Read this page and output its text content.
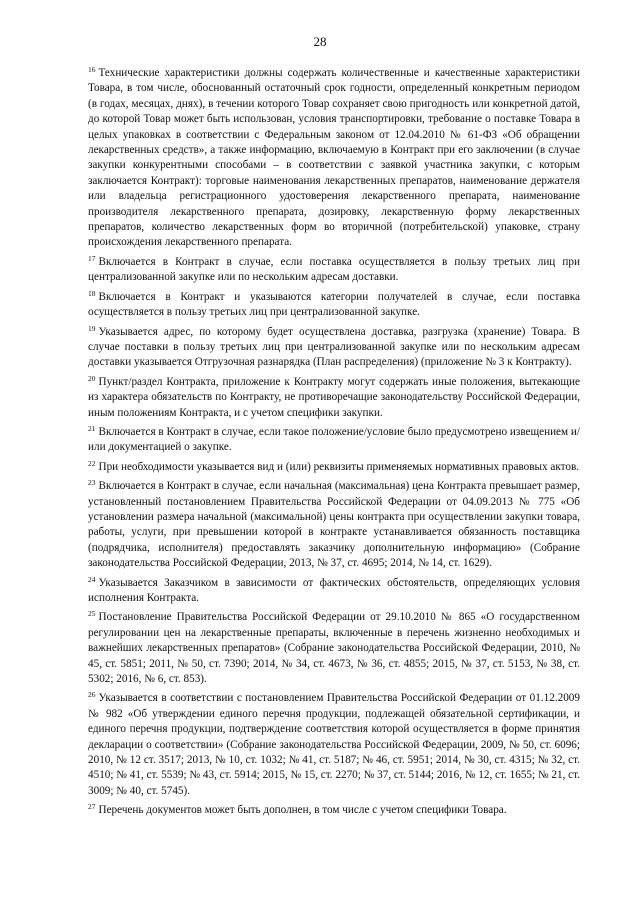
28

$^{16}$ Технические характеристики должны содержать количественные и качественные характеристики Товара, в том числе, обоснованный остаточный срок годности, определенный конкретным периодом (в годах, месяцах, днях), в течении которого Товар сохраняет свою пригодность или конкретной датой, до которой Товар может быть использован, условия транспортировки, требование о поставке Товара в целых упаковках в соответствии с Федеральным законом от 12.04.2010 № 61-ФЗ «Об обращении лекарственных средств», а также информацию, включаемую в Контракт при его заключении (в случае закупки конкурентными способами – в соответствии с заявкой участника закупки, с которым заключается Контракт): торговые наименования лекарственных препаратов, наименование держателя или владельца регистрационного удостоверения лекарственного препарата, наименование производителя лекарственного препарата, дозировку, лекарственную форму лекарственных препаратов, количество лекарственных форм во вторичной (потребительской) упаковке, страну происхождения лекарственного препарата.

$^{17}$ Включается в Контракт в случае, если поставка осуществляется в пользу третьих лиц при централизованной закупке или по нескольким адресам доставки.

$^{18}$ Включается в Контракт и указываются категории получателей в случае, если поставка осуществляется в пользу третьих лиц при централизованной закупке.

$^{19}$ Указывается адрес, по которому будет осуществлена доставка, разгрузка (хранение) Товара. В случае поставки в пользу третьих лиц при централизованной закупке или по нескольким адресам доставки указывается Отгрузочная разнарядка (План распределения) (приложение № 3 к Контракту).

$^{20}$ Пункт/раздел Контракта, приложение к Контракту могут содержать иные положения, вытекающие из характера обязательств по Контракту, не противоречащие законодательству Российской Федерации, иным положениям Контракта, и с учетом специфики закупки.

$^{21}$ Включается в Контракт в случае, если такое положение/условие было предусмотрено извещением и/или документацией о закупке.

$^{22}$ При необходимости указывается вид и (или) реквизиты применяемых нормативных правовых актов.

$^{23}$ Включается в Контракт в случае, если начальная (максимальная) цена Контракта превышает размер, установленный постановлением Правительства Российской Федерации от 04.09.2013 № 775 «Об установлении размера начальной (максимальной) цены контракта при осуществлении закупки товара, работы, услуги, при превышении которой в контракте устанавливается обязанность поставщика (подрядчика, исполнителя) предоставлять заказчику дополнительную информацию» (Собрание законодательства Российской Федерации, 2013, № 37, ст. 4695; 2014, № 14, ст. 1629).

$^{24}$ Указывается Заказчиком в зависимости от фактических обстоятельств, определяющих условия исполнения Контракта.

$^{25}$ Постановление Правительства Российской Федерации от 29.10.2010 № 865 «О государственном регулировании цен на лекарственные препараты, включенные в перечень жизненно необходимых и важнейших лекарственных препаратов» (Собрание законодательства Российской Федерации, 2010, № 45, ст. 5851; 2011, № 50, ст. 7390; 2014, № 34, ст. 4673, № 36, ст. 4855; 2015, № 37, ст. 5153, № 38, ст. 5302; 2016, № 6, ст. 853).

$^{26}$ Указывается в соответствии с постановлением Правительства Российской Федерации от 01.12.2009 № 982 «Об утверждении единого перечня продукции, подлежащей обязательной сертификации, и единого перечня продукции, подтверждение соответствия которой осуществляется в форме принятия декларации о соответствии» (Собрание законодательства Российской Федерации, 2009, № 50, ст. 6096; 2010, № 12 ст. 3517; 2013, № 10, ст. 1032; № 41, ст. 5187; № 46, ст. 5951; 2014, № 30, ст. 4315; № 32, ст. 4510; № 41, ст. 5539; № 43, ст. 5914; 2015, № 15, ст. 2270; № 37, ст. 5144; 2016, № 12, ст. 1655; № 21, ст. 3009; № 40, ст. 5745).

$^{27}$ Перечень документов может быть дополнен, в том числе с учетом специфики Товара.
